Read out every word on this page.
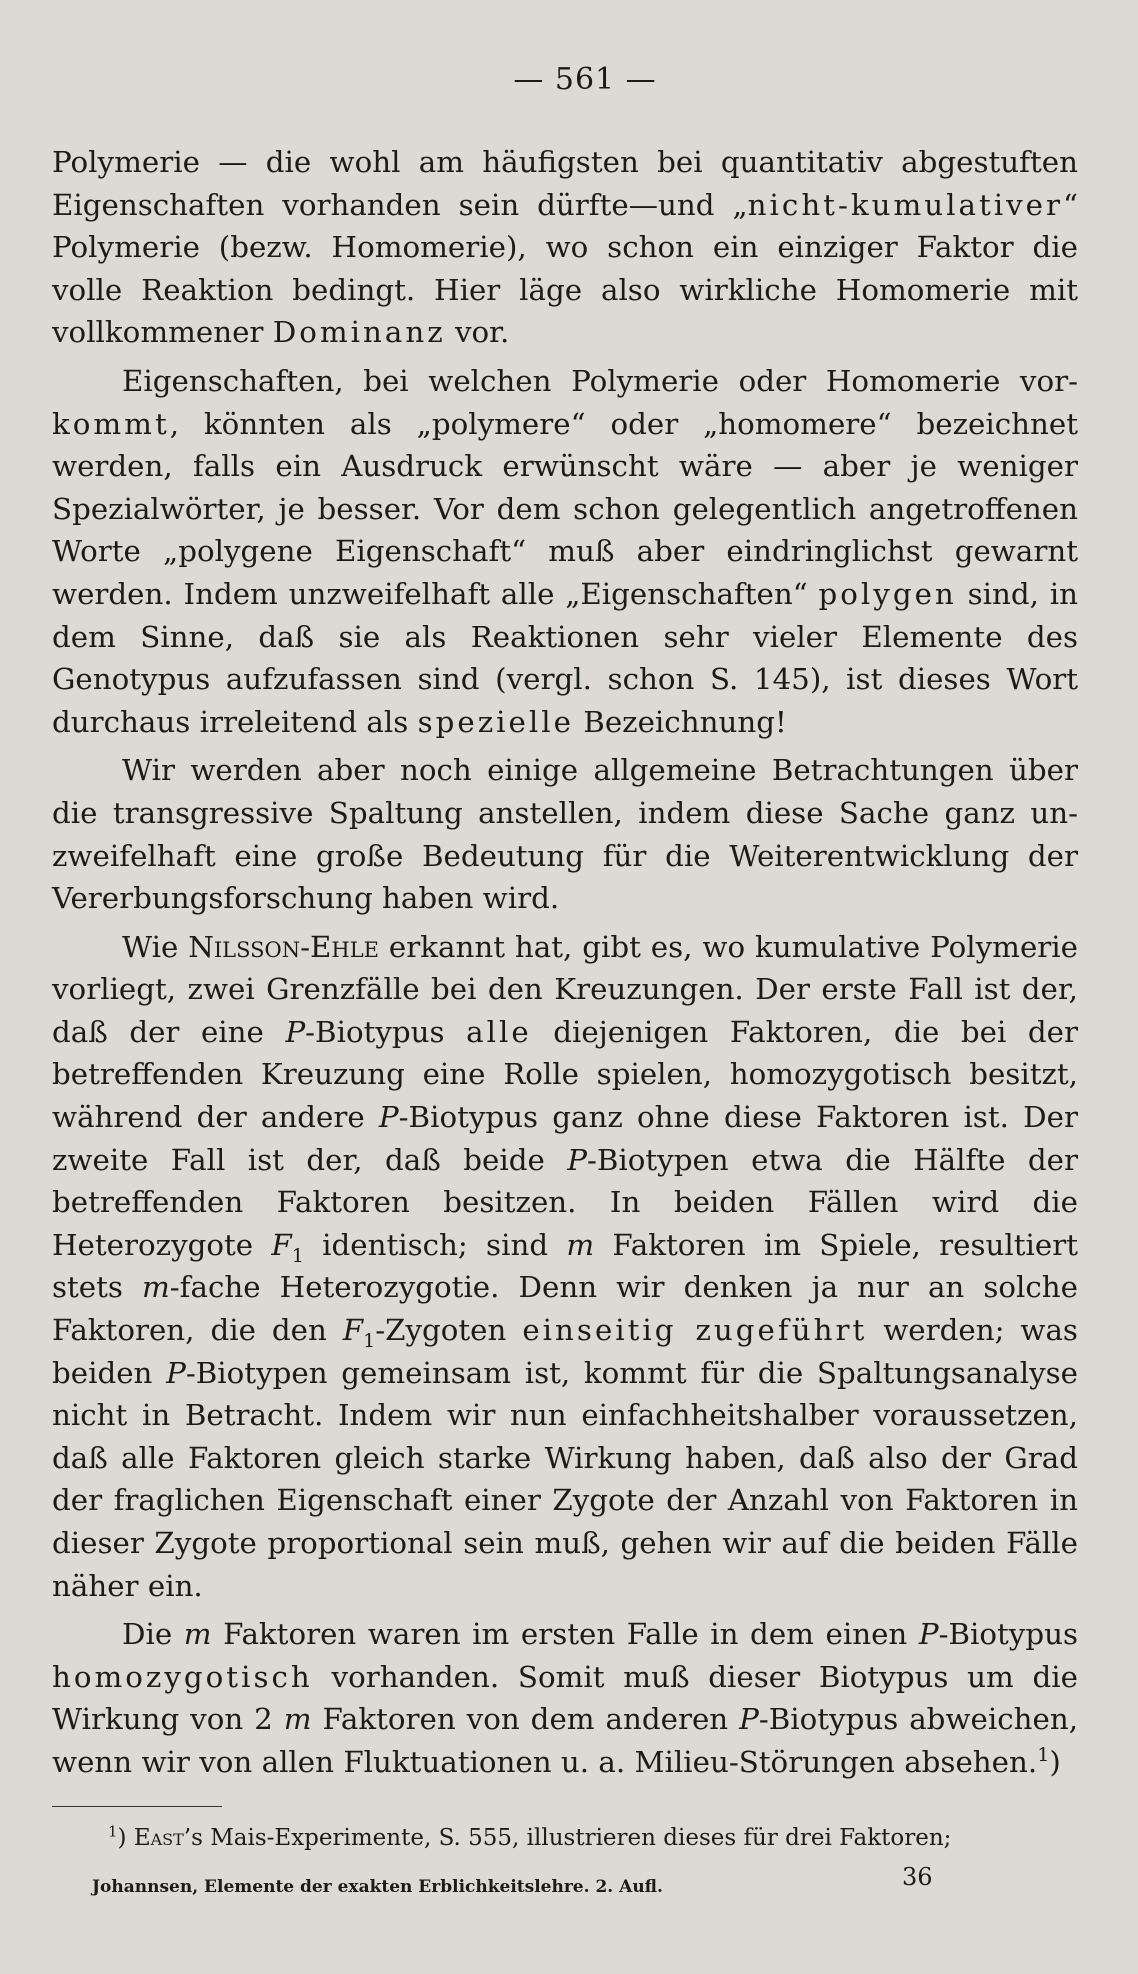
— 561 —

Polymerie — die wohl am häufigsten bei quantitativ abgestuften Eigenschaften vorhanden sein dürfte—und „nicht-kumulativer“ Polymerie (bezw. Homomerie), wo schon ein einziger Faktor die volle Reaktion bedingt. Hier läge also wirkliche Homomerie mit vollkommener Dominanz vor.

Eigenschaften, bei welchen Polymerie oder Homomerie vorkommt, könnten als „polymere“ oder „homomere“ bezeichnet werden, falls ein Ausdruck erwünscht wäre — aber je weniger Spezialwörter, je besser. Vor dem schon gelegentlich angetroffenen Worte „polygene Eigenschaft“ muß aber eindringlichst gewarnt werden. Indem unzweifelhaft alle „Eigenschaften“ polygen sind, in dem Sinne, daß sie als Reaktionen sehr vieler Elemente des Genotypus aufzufassen sind (vergl. schon S. 145), ist dieses Wort durchaus irreleitend als spezielle Bezeichnung!

Wir werden aber noch einige allgemeine Betrachtungen über die transgressive Spaltung anstellen, indem diese Sache ganz unzweifelhaft eine große Bedeutung für die Weiterentwicklung der Vererbungsforschung haben wird.

Wie Nilsson-Ehle erkannt hat, gibt es, wo kumulative Polymerie vorliegt, zwei Grenzfälle bei den Kreuzungen. Der erste Fall ist der, daß der eine P-Biotypus alle diejenigen Faktoren, die bei der betreffenden Kreuzung eine Rolle spielen, homozygotisch besitzt, während der andere P-Biotypus ganz ohne diese Faktoren ist. Der zweite Fall ist der, daß beide P-Biotypen etwa die Hälfte der betreffenden Faktoren besitzen. In beiden Fällen wird die Heterozygote $F_1$ identisch; sind m Faktoren im Spiele, resultiert stets m-fache Heterozygotie. Denn wir denken ja nur an solche Faktoren, die den $F_1$-Zygoten einseitig zugeführt werden; was beiden P-Biotypen gemeinsam ist, kommt für die Spaltungsanalyse nicht in Betracht. Indem wir nun einfachheitshalber voraussetzen, daß alle Faktoren gleich starke Wirkung haben, daß also der Grad der fraglichen Eigenschaft einer Zygote der Anzahl von Faktoren in dieser Zygote proportional sein muß, gehen wir auf die beiden Fälle näher ein.

Die m Faktoren waren im ersten Falle in dem einen P-Biotypus homozygotisch vorhanden. Somit muß dieser Biotypus um die Wirkung von 2 m Faktoren von dem anderen P-Biotypus abweichen, wenn wir von allen Fluktuationen u. a. Milieu-Störungen absehen.$^1$)

$^1$) East’s Mais-Experimente, S. 555, illustrieren dieses für drei Faktoren;

Johannsen, Elemente der exakten Erblichkeitslehre. 2. Aufl.	36
